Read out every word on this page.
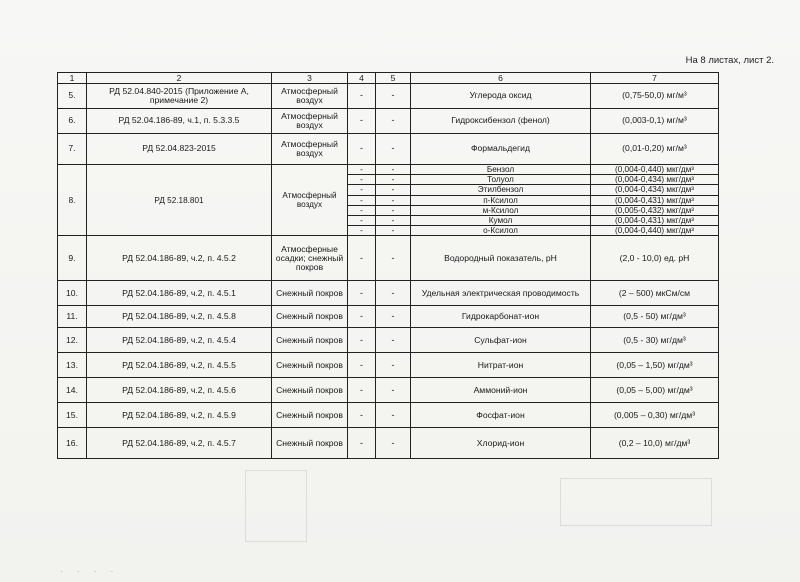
На 8 листах, лист 2.
1	2	3	4	5	6	7
5.	РД 52.04.840-2015 (Приложение А, примечание 2)	Атмосферный воздух	-	-	Углерода оксид	(0,75-50,0) мг/м³
6.	РД 52.04.186-89, ч.1, п. 5.3.3.5	Атмосферный воздух	-	-	Гидроксибензол (фенол)	(0,003-0,1) мг/м³
7.	РД 52.04.823-2015	Атмосферный воздух	-	-	Формальдегид	(0,01-0,20) мг/м³
8.	РД 52.18.801	Атмосферный воздух	-	-	Бензол	(0,004-0,440) мкг/дм³
			-	-	Толуол	(0,004-0,434) мкг/дм³
			-	-	Этилбензол	(0,004-0,434) мкг/дм³
			-	-	п-Ксилол	(0,004-0,431) мкг/дм³
			-	-	м-Ксилол	(0,005-0,432) мкг/дм³
			-	-	Кумол	(0,004-0,431) мкг/дм³
			-	-	о-Ксилол	(0,004-0,440) мкг/дм³
9.	РД 52.04.186-89, ч.2, п. 4.5.2	Атмосферные осадки; снежный покров	-	-	Водородный показатель, pH	(2,0 - 10,0) ед. pH
10.	РД 52.04.186-89, ч.2, п. 4.5.1	Снежный покров	-	-	Удельная электрическая проводимость	(2 – 500) мкСм/см
11.	РД 52.04.186-89, ч.2, п. 4.5.8	Снежный покров	-	-	Гидрокарбонат-ион	(0,5 - 50) мг/дм³
12.	РД 52.04.186-89, ч.2, п. 4.5.4	Снежный покров	-	-	Сульфат-ион	(0,5 - 30) мг/дм³
13.	РД 52.04.186-89, ч.2, п. 4.5.5	Снежный покров	-	-	Нитрат-ион	(0,05 – 1,50) мг/дм³
14.	РД 52.04.186-89, ч.2, п. 4.5.6	Снежный покров	-	-	Аммоний-ион	(0,05 – 5,00) мг/дм³
15.	РД 52.04.186-89, ч.2, п. 4.5.9	Снежный покров	-	-	Фосфат-ион	(0,005 – 0,30) мг/дм³
16.	РД 52.04.186-89, ч.2, п. 4.5.7	Снежный покров	-	-	Хлорид-ион	(0,2 – 10,0) мг/дм³
· · · ·
